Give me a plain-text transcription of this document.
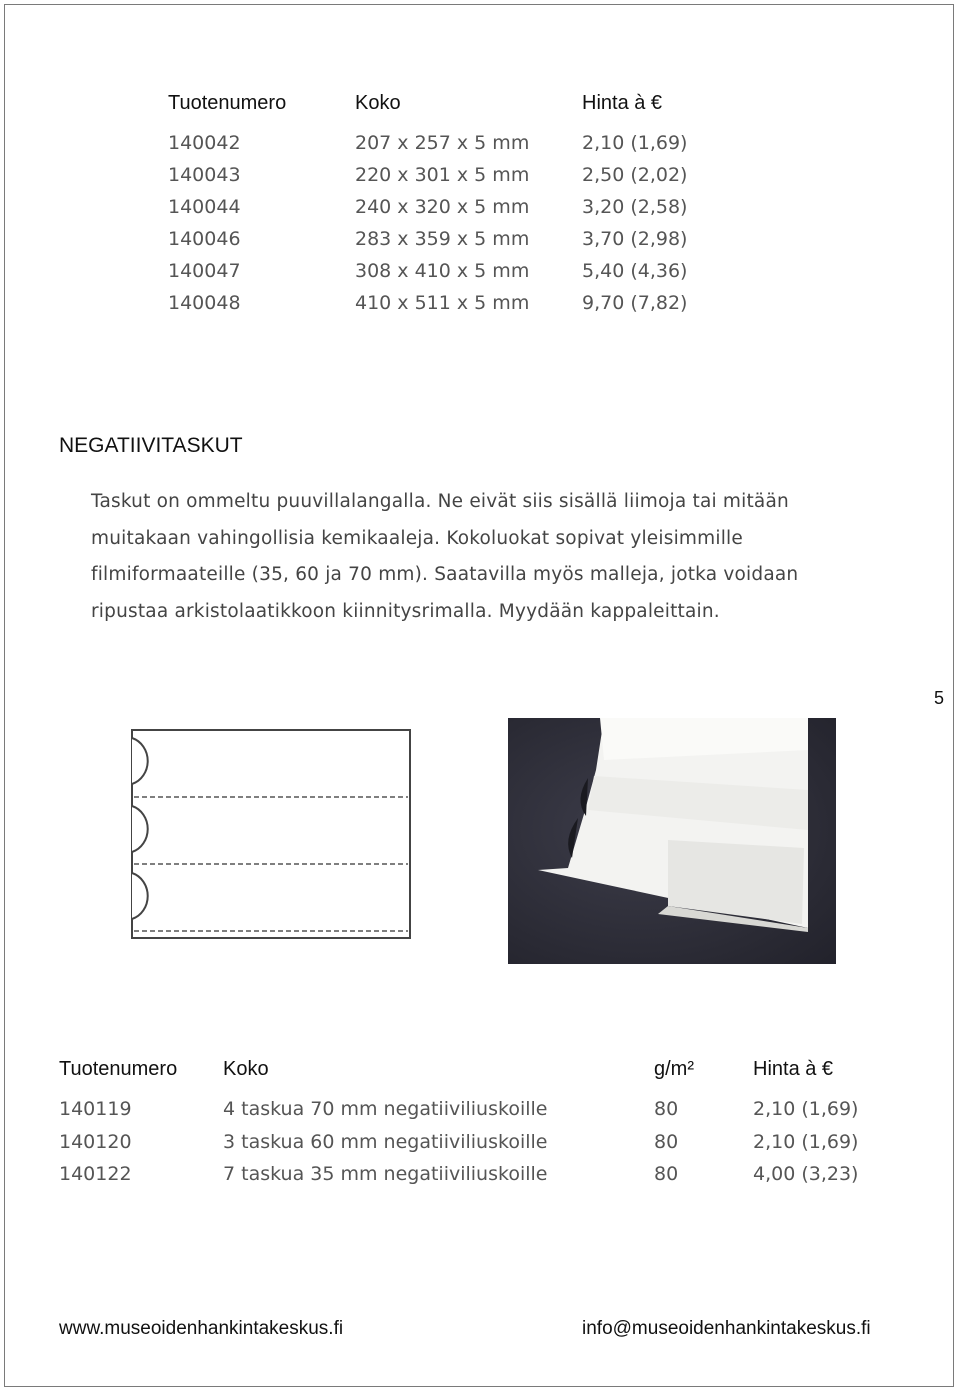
Tuotenumero	Koko	Hinta à €
140042	207 x 257 x 5 mm	2,10 (1,69)
140043	220 x 301 x 5 mm	2,50 (2,02)
140044	240 x 320 x 5 mm	3,20 (2,58)
140046	283 x 359 x 5 mm	3,70 (2,98)
140047	308 x 410 x 5 mm	5,40 (4,36)
140048	410 x 511 x 5 mm	9,70 (7,82)
NEGATIIVITASKUT
Taskut on ommeltu puuvillalangalla. Ne eivät siis sisällä liimoja tai mitään
muitakaan vahingollisia kemikaaleja. Kokoluokat sopivat yleisimmille
filmiformaateille (35, 60 ja 70 mm). Saatavilla myös malleja, jotka voidaan
ripustaa arkistolaatikkoon kiinnitysrimalla. Myydään kappaleittain.
5
Tuotenumero Koko	g/m²	Hinta à €
140119	4 taskua 70 mm negatiiviliuskoille	80	2,10 (1,69)
140120	3 taskua 60 mm negatiiviliuskoille	80	2,10 (1,69)
140122	7 taskua 35 mm negatiiviliuskoille	80	4,00 (3,23)
www.museoidenhankintakeskus.fi	info@museoidenhankintakeskus.fi
